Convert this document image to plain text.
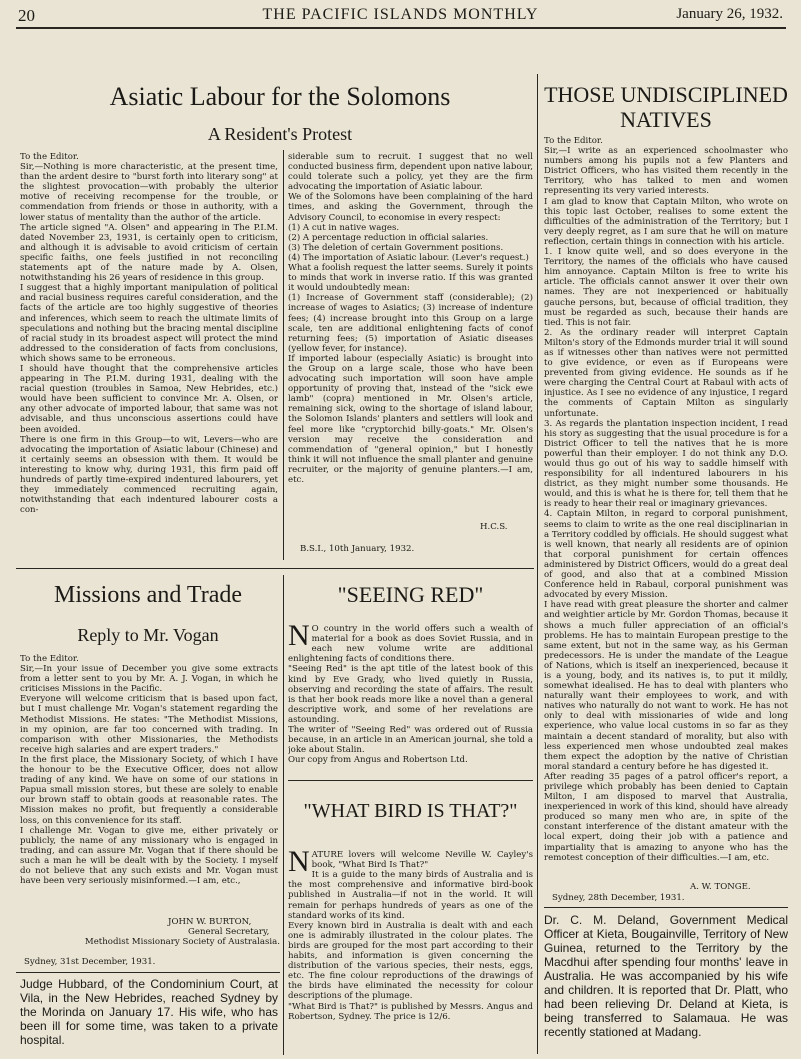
20	THE PACIFIC ISLANDS MONTHLY	January 26, 1932.
Asiatic Labour for the Solomons
A Resident's Protest
To the Editor.
Sir,—Nothing is more characteristic, at the present time, than the ardent desire to "burst forth into literary song" at the slightest provocation—with probably the ulterior motive of receiving recompense for the trouble, or commendation from friends or those in authority, with a lower status of mentality than the author of the article.
The article signed "A. Olsen" and appearing in The P.I.M. dated November 23, 1931, is certainly open to criticism, and although it is advisable to avoid criticism of certain specific faiths, one feels justified in not reconciling statements apt of the nature made by A. Olsen, notwithstanding his 26 years of residence in this group.
I suggest that a highly important manipulation of political and racial business requires careful consideration, and the facts of the article are too highly suggestive of theories and inferences, which seem to reach the ultimate limits of speculations and nothing but the bracing mental discipline of racial study in its broadest aspect will protect the mind addressed to the consideration of facts from conclusions, which shows same to be erroneous.
I should have thought that the comprehensive articles appearing in The P.I.M. during 1931, dealing with the racial question (troubles in Samoa, New Hebrides, etc.) would have been sufficient to convince Mr. A. Olsen, or any other advocate of imported labour, that same was not advisable, and thus unconscious assertions could have been avoided.
There is one firm in this Group—to wit, Levers—who are advocating the importation of Asiatic labour (Chinese) and it certainly seems an obsession with them. It would be interesting to know why, during 1931, this firm paid off hundreds of partly time-expired indentured labourers, yet they immediately commenced recruiting again, notwithstanding that each indentured labourer costs a con-
siderable sum to recruit. I suggest that no well conducted business firm, dependent upon native labour, could tolerate such a policy, yet they are the firm advocating the importation of Asiatic labour.
We of the Solomons have been complaining of the hard times, and asking the Government, through the Advisory Council, to economise in every respect:
(1) A cut in native wages.
(2) A percentage reduction in official salaries.
(3) The deletion of certain Government positions.
(4) The importation of Asiatic labour. (Lever's request.)
What a foolish request the latter seems. Surely it points to minds that work in inverse ratio. If this was granted it would undoubtedly mean:
(1) Increase of Government staff (considerable); (2) increase of wages to Asiatics; (3) increase of indenture fees; (4) increase brought into this Group on a large scale, ten are additional enlightening facts of conof returning fees; (5) importation of Asiatic diseases (yellow fever, for instance).
If imported labour (especially Asiatic) is brought into the Group on a large scale, those who have been advocating such importation will soon have ample opportunity of proving that, instead of the "sick ewe lamb" (copra) mentioned in Mr. Olsen's article, remaining sick, owing to the shortage of island labour, the Solomon Islands' planters and settlers will look and feel more like "cryptorchid billy-goats." Mr. Olsen's version may receive the consideration and commendation of "general opinion," but I honestly think it will not influence the small planter and genuine recruiter, or the majority of genuine planters.—I am, etc.
H.C.S.
B.S.I., 10th January, 1932.
Missions and Trade
Reply to Mr. Vogan
To the Editor.
Sir,—In your issue of December you give some extracts from a letter sent to you by Mr. A. J. Vogan, in which he criticises Missions in the Pacific.
Everyone will welcome criticism that is based upon fact, but I must challenge Mr. Vogan's statement regarding the Methodist Missions. He states: "The Methodist Missions, in my opinion, are far too concerned with trading. In comparison with other Missionaries, the Methodists receive high salaries and are expert traders."
In the first place, the Missionary Society, of which I have the honour to be the Executive Officer, does not allow trading of any kind. We have on some of our stations in Papua small mission stores, but these are solely to enable our brown staff to obtain goods at reasonable rates. The Mission makes no profit, but frequently a considerable loss, on this convenience for its staff.
I challenge Mr. Vogan to give me, either privately or publicly, the name of any missionary who is engaged in trading, and can assure Mr. Vogan that if there should be such a man he will be dealt with by the Society. I myself do not believe that any such exists and Mr. Vogan must have been very seriously misinformed.—I am, etc.,
JOHN W. BURTON,
General Secretary,
Methodist Missionary Society of Australasia.
Sydney, 31st December, 1931.
Judge Hubbard, of the Condominium Court, at Vila, in the New Hebrides, reached Sydney by the Morinda on January 17. His wife, who has been ill for some time, was taken to a private hospital.
"SEEING RED"

N O country in the world offers such a wealth of material for a book as does Soviet Russia, and in each new volume write are additional enlightening facts of conditions there.
"Seeing Red" is the apt title of the latest book of this kind by Eve Grady, who lived quietly in Russia, observing and recording the state of affairs. The result is that her book reads more like a novel than a general descriptive work, and some of her revelations are astounding.
The writer of "Seeing Red" was ordered out of Russia because, in an article in an American journal, she told a joke about Stalin.
Our copy from Angus and Robertson Ltd.

"WHAT BIRD IS THAT?"

NATURE lovers will welcome Neville W. Cayley's book, "What Bird Is That?"
It is a guide to the many birds of Australia and is the most comprehensive and informative bird-book published in Australia—if not in the world. It will remain for perhaps hundreds of years as one of the standard works of its kind.
Every known bird in Australia is dealt with and each one is admirably illustrated in the colour plates. The birds are grouped for the most part according to their habits, and information is given concerning the distribution of the various species, their nests, eggs, etc. The fine colour reproductions of the drawings of the birds have eliminated the necessity for colour descriptions of the plumage.
"What Bird is That?" is published by Messrs. Angus and Robertson, Sydney. The price is 12/6.

THOSE UNDISCIPLINED NATIVES
To the Editor.
Sir,—I write as an experienced schoolmaster who numbers among his pupils not a few Planters and District Officers, who has visited them recently in the Territory, who has talked to men and women representing its very varied interests.
I am glad to know that Captain Milton, who wrote on this topic last October, realises to some extent the difficulties of the administration of the Territory; but I very deeply regret, as I am sure that he will on mature reflection, certain things in connection with his article.
1. I know quite well, and so does everyone in the Territory, the names of the officials who have caused him annoyance. Captain Milton is free to write his article. The officials cannot answer it over their own names. They are not inexperienced or habitually gauche persons, but, because of official tradition, they must be regarded as such, because their hands are tied. This is not fair.
2. As the ordinary reader will interpret Captain Milton's story of the Edmonds murder trial it will sound as if witnesses other than natives were not permitted to give evidence, or even as if Europeans were prevented from giving evidence. He sounds as if he were charging the Central Court at Rabaul with acts of injustice. As I see no evidence of any injustice, I regard the comments of Captain Milton as singularly unfortunate.
3. As regards the plantation inspection incident, I read his story as suggesting that the usual procedure is for a District Officer to tell the natives that he is more powerful than their employer. I do not think any D.O. would thus go out of his way to saddle himself with responsibility for all indentured labourers in his district, as they might number some thousands. He would, and this is what he is there for, tell them that he is ready to hear their real or imaginary grievances.
4. Captain Milton, in regard to corporal punishment, seems to claim to write as the one real disciplinarian in a Territory coddled by officials. He should suggest what is well known, that nearly all residents are of opinion that corporal punishment for certain offences administered by District Officers, would do a great deal of good, and also that at a combined Mission Conference held in Rabaul, corporal punishment was advocated by every Mission.
I have read with great pleasure the shorter and calmer and weightier article by Mr. Gordon Thomas, because it shows a much fuller appreciation of an official's problems. He has to maintain European prestige to the same extent, but not in the same way, as his German predecessors. He is under the mandate of the League of Nations, which is itself an inexperienced, because it is a young, body, and its natives is, to put it mildly, somewhat idealised. He has to deal with planters who naturally want their employees to work, and with natives who naturally do not want to work. He has not only to deal with missionaries of wide and long experience, who value local customs in so far as they maintain a decent standard of morality, but also with less experienced men whose undoubted zeal makes them expect the adoption by the native of Christian moral standard a century before he has digested it.
After reading 35 pages of a patrol officer's report, a privilege which probably has been denied to Captain Milton, I am disposed to marvel that Australia, inexperienced in work of this kind, should have already produced so many men who are, in spite of the constant interference of the distant amateur with the local expert, doing their job with a patience and impartiality that is amazing to anyone who has the remotest conception of their difficulties.—I am, etc.
A. W. TONGE.
Sydney, 28th December, 1931.
Dr. C. M. Deland, Government Medical Officer at Kieta, Bougainville, Territory of New Guinea, returned to the Territory by the Macdhui after spending four months' leave in Australia. He was accompanied by his wife and children. It is reported that Dr. Platt, who had been relieving Dr. Deland at Kieta, is being transferred to Salamaua. He was recently stationed at Madang.
